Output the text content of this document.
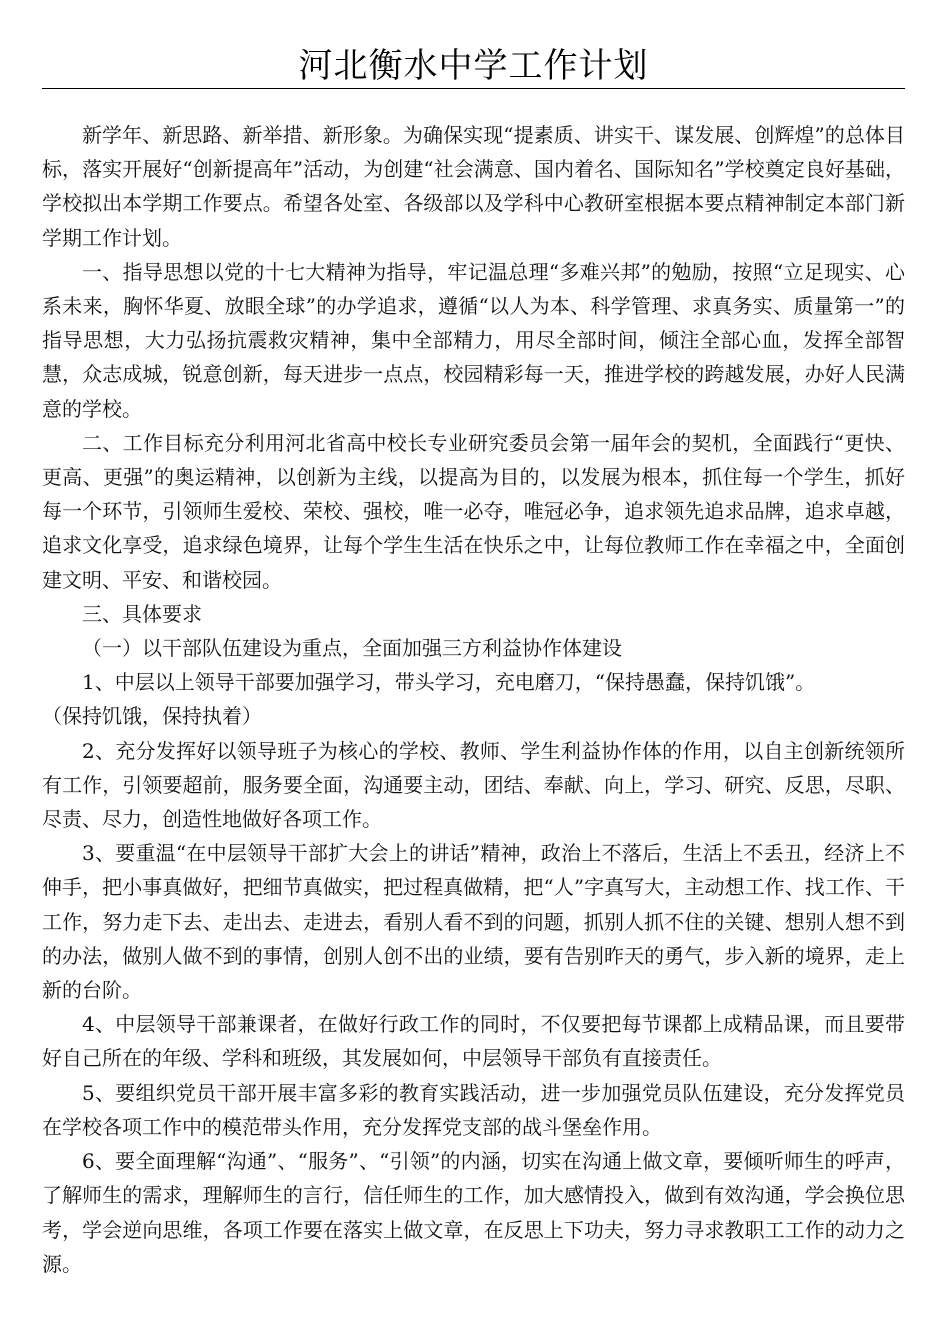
河北衡水中学工作计划

新学年、新思路、新举措、新形象。为确保实现“提素质、讲实干、谋发展、创辉煌”的总体目标，落实开展好“创新提高年”活动，为创建“社会满意、国内着名、国际知名”学校奠定良好基础，学校拟出本学期工作要点。希望各处室、各级部以及学科中心教研室根据本要点精神制定本部门新学期工作计划。

一、指导思想以党的十七大精神为指导，牢记温总理“多难兴邦”的勉励，按照“立足现实、心系未来，胸怀华夏、放眼全球”的办学追求，遵循“以人为本、科学管理、求真务实、质量第一”的指导思想，大力弘扬抗震救灾精神，集中全部精力，用尽全部时间，倾注全部心血，发挥全部智慧，众志成城，锐意创新，每天进步一点点，校园精彩每一天，推进学校的跨越发展，办好人民满意的学校。

二、工作目标充分利用河北省高中校长专业研究委员会第一届年会的契机，全面践行“更快、更高、更强”的奥运精神，以创新为主线，以提高为目的，以发展为根本，抓住每一个学生，抓好每一个环节，引领师生爱校、荣校、强校，唯一必夺，唯冠必争，追求领先追求品牌，追求卓越，追求文化享受，追求绿色境界，让每个学生生活在快乐之中，让每位教师工作在幸福之中，全面创建文明、平安、和谐校园。

三、具体要求

（一）以干部队伍建设为重点，全面加强三方利益协作体建设

1、中层以上领导干部要加强学习，带头学习，充电磨刀，“保持愚蠢，保持饥饿”。

（保持饥饿，保持执着）

2、充分发挥好以领导班子为核心的学校、教师、学生利益协作体的作用，以自主创新统领所有工作，引领要超前，服务要全面，沟通要主动，团结、奉献、向上，学习、研究、反思，尽职、尽责、尽力，创造性地做好各项工作。

3、要重温“在中层领导干部扩大会上的讲话”精神，政治上不落后，生活上不丢丑，经济上不伸手，把小事真做好，把细节真做实，把过程真做精，把“人”字真写大，主动想工作、找工作、干工作，努力走下去、走出去、走进去，看别人看不到的问题，抓别人抓不住的关键、想别人想不到的办法，做别人做不到的事情，创别人创不出的业绩，要有告别昨天的勇气，步入新的境界，走上新的台阶。

4、中层领导干部兼课者，在做好行政工作的同时，不仅要把每节课都上成精品课，而且要带好自己所在的年级、学科和班级，其发展如何，中层领导干部负有直接责任。

5、要组织党员干部开展丰富多彩的教育实践活动，进一步加强党员队伍建设，充分发挥党员在学校各项工作中的模范带头作用，充分发挥党支部的战斗堡垒作用。

6、要全面理解“沟通”、“服务”、“引领”的内涵，切实在沟通上做文章，要倾听师生的呼声，了解师生的需求，理解师生的言行，信任师生的工作，加大感情投入，做到有效沟通，学会换位思考，学会逆向思维，各项工作要在落实上做文章，在反思上下功夫，努力寻求教职工工作的动力之源。
